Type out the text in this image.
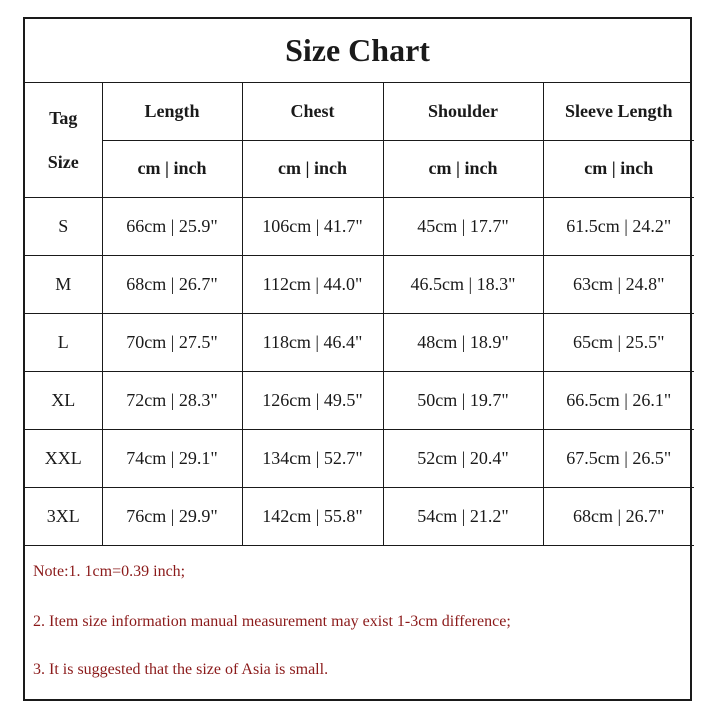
Size Chart
Tag
Size	Length	Chest	Shoulder	Sleeve Length
	cm | inch	cm | inch	cm | inch	cm | inch
S	66cm | 25.9"	106cm | 41.7"	45cm | 17.7"	61.5cm | 24.2"
M	68cm | 26.7"	112cm | 44.0"	46.5cm | 18.3"	63cm | 24.8"
L	70cm | 27.5"	118cm | 46.4"	48cm | 18.9"	65cm | 25.5"
XL	72cm | 28.3"	126cm | 49.5"	50cm | 19.7"	66.5cm | 26.1"
XXL	74cm | 29.1"	134cm | 52.7"	52cm | 20.4"	67.5cm | 26.5"
3XL	76cm | 29.9"	142cm | 55.8"	54cm | 21.2"	68cm | 26.7"
Note:1. 1cm=0.39 inch;
2. Item size information manual measurement may exist 1-3cm difference;
3. It is suggested that the size of Asia is small.
